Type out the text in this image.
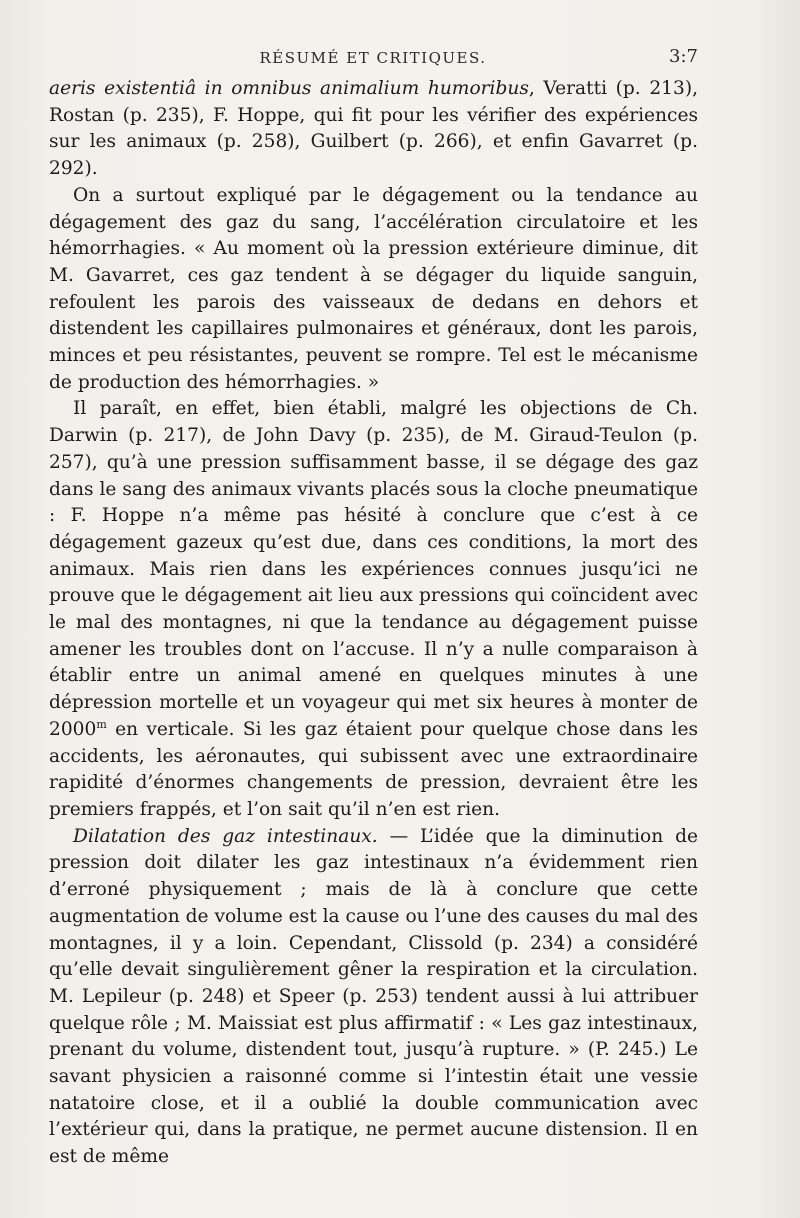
RÉSUMÉ ET CRITIQUES.	3:7

aeris existentiâ in omnibus animalium humoribus, Veratti (p. 213), Rostan (p. 235), F. Hoppe, qui fit pour les vérifier des expériences sur les animaux (p. 258), Guilbert (p. 266), et enfin Gavarret (p. 292).

On a surtout expliqué par le dégagement ou la tendance au dégagement des gaz du sang, l’accélération circulatoire et les hémorrhagies. « Au moment où la pression extérieure diminue, dit M. Gavarret, ces gaz tendent à se dégager du liquide sanguin, refoulent les parois des vaisseaux de dedans en dehors et distendent les capillaires pulmonaires et généraux, dont les parois, minces et peu résistantes, peuvent se rompre. Tel est le mécanisme de production des hémorrhagies. »

Il paraît, en effet, bien établi, malgré les objections de Ch. Darwin (p. 217), de John Davy (p. 235), de M. Giraud-Teulon (p. 257), qu’à une pression suffisamment basse, il se dégage des gaz dans le sang des animaux vivants placés sous la cloche pneumatique : F. Hoppe n’a même pas hésité à conclure que c’est à ce dégagement gazeux qu’est due, dans ces conditions, la mort des animaux. Mais rien dans les expériences connues jusqu’ici ne prouve que le dégagement ait lieu aux pressions qui coïncident avec le mal des montagnes, ni que la tendance au dégagement puisse amener les troubles dont on l’accuse. Il n’y a nulle comparaison à établir entre un animal amené en quelques minutes à une dépression mortelle et un voyageur qui met six heures à monter de 2000$^m$ en verticale. Si les gaz étaient pour quelque chose dans les accidents, les aéronautes, qui subissent avec une extraordinaire rapidité d’énormes changements de pression, devraient être les premiers frappés, et l’on sait qu’il n’en est rien.

Dilatation des gaz intestinaux. — L’idée que la diminution de pression doit dilater les gaz intestinaux n’a évidemment rien d’erroné physiquement ; mais de là à conclure que cette augmentation de volume est la cause ou l’une des causes du mal des montagnes, il y a loin. Cependant, Clissold (p. 234) a considéré qu’elle devait singulièrement gêner la respiration et la circulation. M. Lepileur (p. 248) et Speer (p. 253) tendent aussi à lui attribuer quelque rôle ; M. Maissiat est plus affirmatif : « Les gaz intestinaux, prenant du volume, distendent tout, jusqu’à rupture. » (P. 245.) Le savant physicien a raisonné comme si l’intestin était une vessie natatoire close, et il a oublié la double communication avec l’extérieur qui, dans la pratique, ne permet aucune distension. Il en est de même
